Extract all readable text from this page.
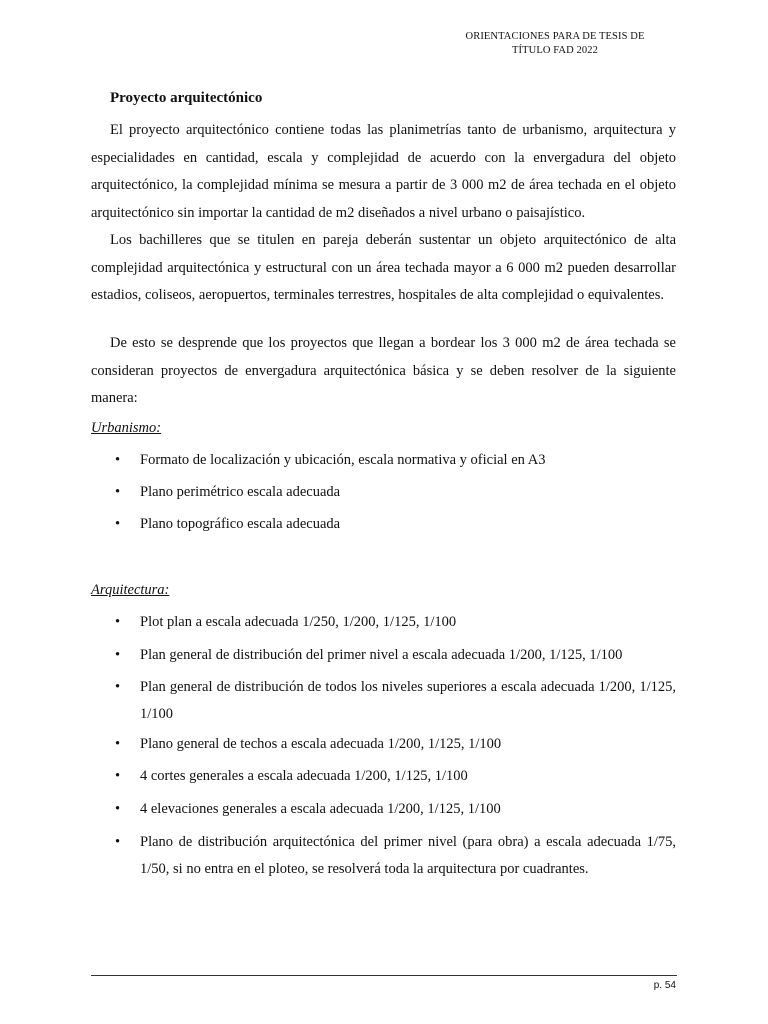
ORIENTACIONES PARA DE TESIS DE
TÍTULO FAD 2022
Proyecto arquitectónico
El proyecto arquitectónico contiene todas las planimetrías tanto de urbanismo, arquitectura y especialidades en cantidad, escala y complejidad de acuerdo con la envergadura del objeto arquitectónico, la complejidad mínima se mesura a partir de 3 000 m2 de área techada en el objeto arquitectónico sin importar la cantidad de m2 diseñados a nivel urbano o paisajístico.
Los bachilleres que se titulen en pareja deberán sustentar un objeto arquitectónico de alta complejidad arquitectónica y estructural con un área techada mayor a 6 000 m2 pueden desarrollar estadios, coliseos, aeropuertos, terminales terrestres, hospitales de alta complejidad o equivalentes.
De esto se desprende que los proyectos que llegan a bordear los 3 000 m2 de área techada se consideran proyectos de envergadura arquitectónica básica y se deben resolver de la siguiente manera:
Urbanismo:
• Formato de localización y ubicación, escala normativa y oficial en A3
• Plano perimétrico escala adecuada
• Plano topográfico escala adecuada
Arquitectura:
• Plot plan a escala adecuada 1/250, 1/200, 1/125, 1/100
• Plan general de distribución del primer nivel a escala adecuada 1/200, 1/125, 1/100
• Plan general de distribución de todos los niveles superiores a escala adecuada 1/200, 1/125, 1/100
• Plano general de techos a escala adecuada 1/200, 1/125, 1/100
• 4 cortes generales a escala adecuada 1/200, 1/125, 1/100
• 4 elevaciones generales a escala adecuada 1/200, 1/125, 1/100
• Plano de distribución arquitectónica del primer nivel (para obra) a escala adecuada 1/75, 1/50, si no entra en el ploteo, se resolverá toda la arquitectura por cuadrantes.
p. 54
